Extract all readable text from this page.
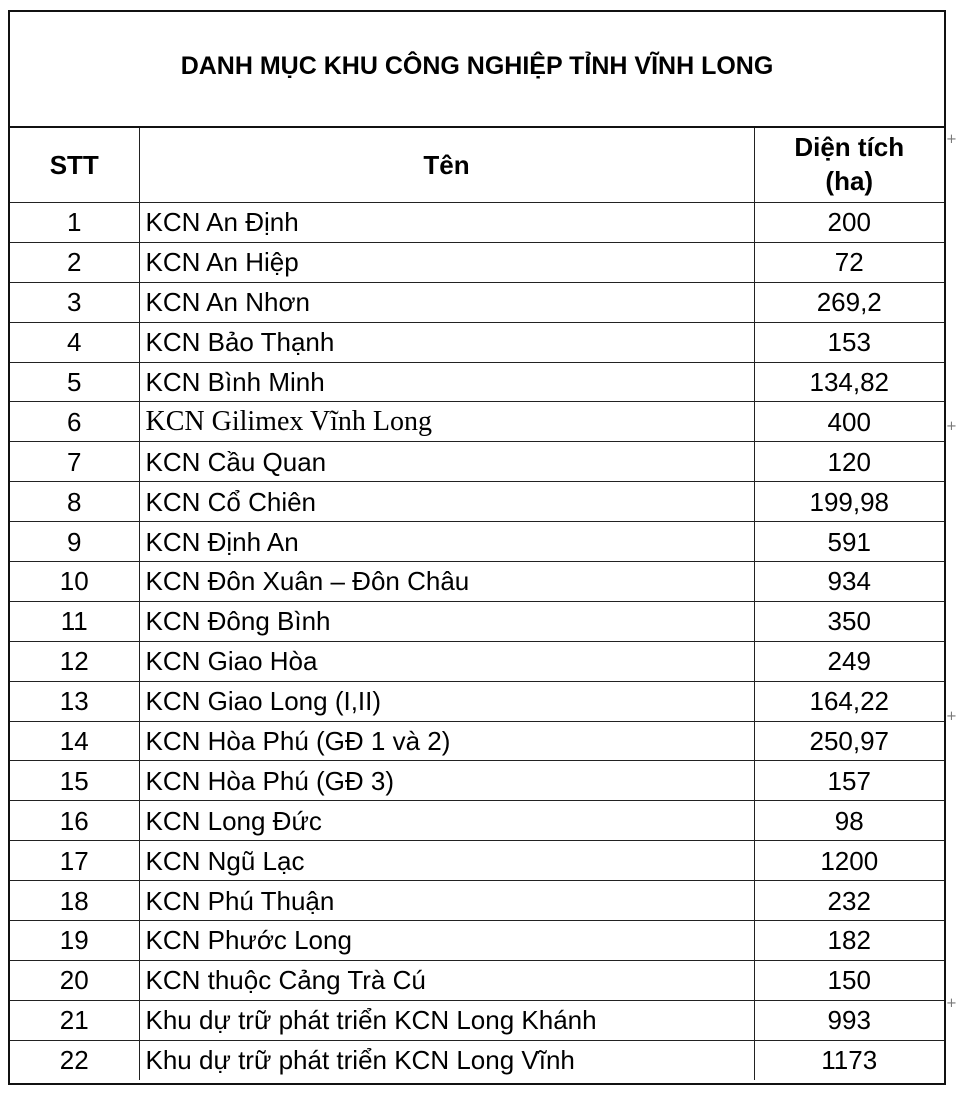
DANH MỤC KHU CÔNG NGHIỆP TỈNH VĨNH LONG
STT	Tên	Diện tích
(ha)
1	KCN An Định	200
2	KCN An Hiệp	72
3	KCN An Nhơn	269,2
4	KCN Bảo Thạnh	153
5	KCN Bình Minh	134,82
6	KCN Gilimex Vĩnh Long	400
7	KCN Cầu Quan	120
8	KCN Cổ Chiên	199,98
9	KCN Định An	591
10	KCN Đôn Xuân – Đôn Châu	934
11	KCN Đông Bình	350
12	KCN Giao Hòa	249
13	KCN Giao Long (I,II)	164,22
14	KCN Hòa Phú (GĐ 1 và 2)	250,97
15	KCN Hòa Phú (GĐ 3)	157
16	KCN Long Đức	98
17	KCN Ngũ Lạc	1200
18	KCN Phú Thuận	232
19	KCN Phước Long	182
20	KCN thuộc Cảng Trà Cú	150
21	Khu dự trữ phát triển KCN Long Khánh	993
22	Khu dự trữ phát triển KCN Long Vĩnh	1173
+
+
+
+
